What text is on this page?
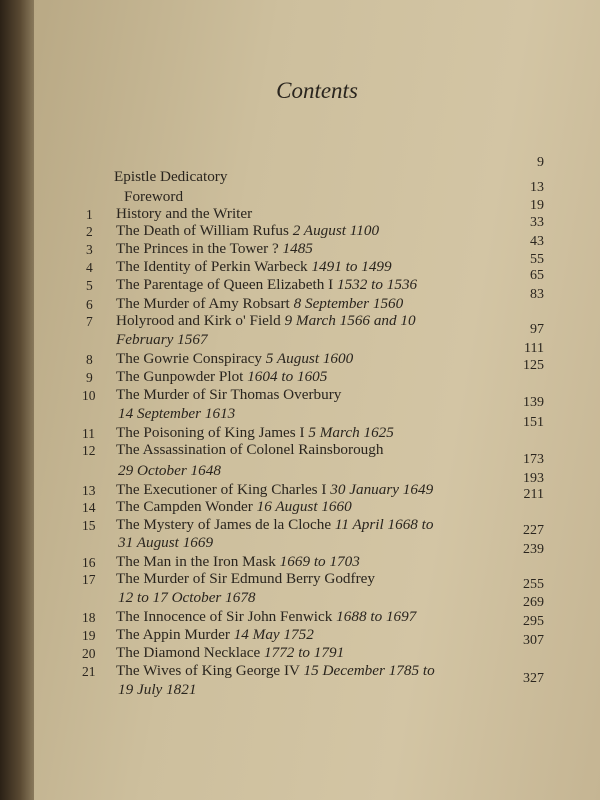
Contents
Epistle Dedicatory
Foreword
1 History and the Writer
2 The Death of William Rufus 2 August 1100
3 The Princes in the Tower ? 1485
4 The Identity of Perkin Warbeck 1491 to 1499
5 The Parentage of Queen Elizabeth I 1532 to 1536
6 The Murder of Amy Robsart 8 September 1560
7 Holyrood and Kirk o' Field 9 March 1566 and 10
February 1567
8 The Gowrie Conspiracy 5 August 1600
9 The Gunpowder Plot 1604 to 1605
10 The Murder of Sir Thomas Overbury
14 September 1613
11 The Poisoning of King James I 5 March 1625
12 The Assassination of Colonel Rainsborough
29 October 1648
13 The Executioner of King Charles I 30 January 1649
14 The Campden Wonder 16 August 1660
15 The Mystery of James de la Cloche 11 April 1668 to
31 August 1669
16 The Man in the Iron Mask 1669 to 1703
17 The Murder of Sir Edmund Berry Godfrey
12 to 17 October 1678
18 The Innocence of Sir John Fenwick 1688 to 1697
19 The Appin Murder 14 May 1752
20 The Diamond Necklace 1772 to 1791
21 The Wives of King George IV 15 December 1785 to
19 July 1821
9
13
19
33
43
55
65
83
97
111
125
139
151
173
193
211
227
239
255
269
295
307
327
